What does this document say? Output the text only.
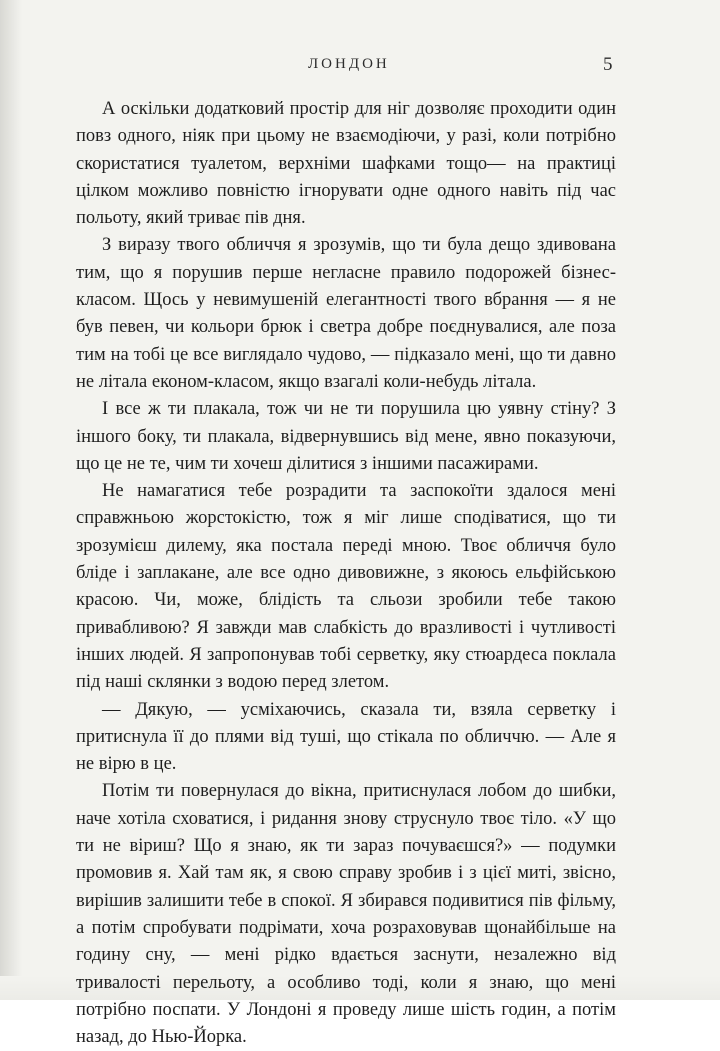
ЛОНДОН	5

А оскільки додатковий простір для ніг дозволяє проходити один повз одного, ніяк при цьому не взаємодіючи, у разі, коли потрібно скористатися туалетом, верхніми шафками тощо— на практиці цілком можливо повністю ігнорувати одне одного навіть під час польоту, який триває пів дня.

З виразу твого обличчя я зрозумів, що ти була дещо здивована тим, що я порушив перше негласне правило подорожей бізнес-класом. Щось у невимушеній елегантності твого вбрання — я не був певен, чи кольори брюк і светра добре поєднувалися, але поза тим на тобі це все виглядало чудово, — підказало мені, що ти давно не літала економ-класом, якщо взагалі коли-небудь літала.

І все ж ти плакала, тож чи не ти порушила цю уявну стіну? З іншого боку, ти плакала, відвернувшись від мене, явно показуючи, що це не те, чим ти хочеш ділитися з іншими пасажирами.

Не намагатися тебе розрадити та заспокоїти здалося мені справжньою жорстокістю, тож я міг лише сподіватися, що ти зрозумієш дилему, яка постала переді мною. Твоє обличчя було бліде і заплакане, але все одно дивовижне, з якоюсь ельфійською красою. Чи, може, блідість та сльози зробили тебе такою привабливою? Я завжди мав слабкість до вразливості і чутливості інших людей. Я запропонував тобі серветку, яку стюардеса поклала під наші склянки з водою перед злетом.

— Дякую, — усміхаючись, сказала ти, взяла серветку і притиснула її до плями від туші, що стікала по обличчю. — Але я не вірю в це.

Потім ти повернулася до вікна, притиснулася лобом до шибки, наче хотіла сховатися, і ридання знову струснуло твоє тіло. «У що ти не віриш? Що я знаю, як ти зараз почуваєшся?» — подумки промовив я. Хай там як, я свою справу зробив і з цієї миті, звісно, вирішив залишити тебе в спокої. Я збирався подивитися пів фільму, а потім спробувати подрімати, хоча розраховував щонайбільше на годину сну, — мені рідко вдається заснути, незалежно від тривалості перельоту, а особливо тоді, коли я знаю, що мені потрібно поспати. У Лондоні я проведу лише шість годин, а потім назад, до Нью-Йорка.
